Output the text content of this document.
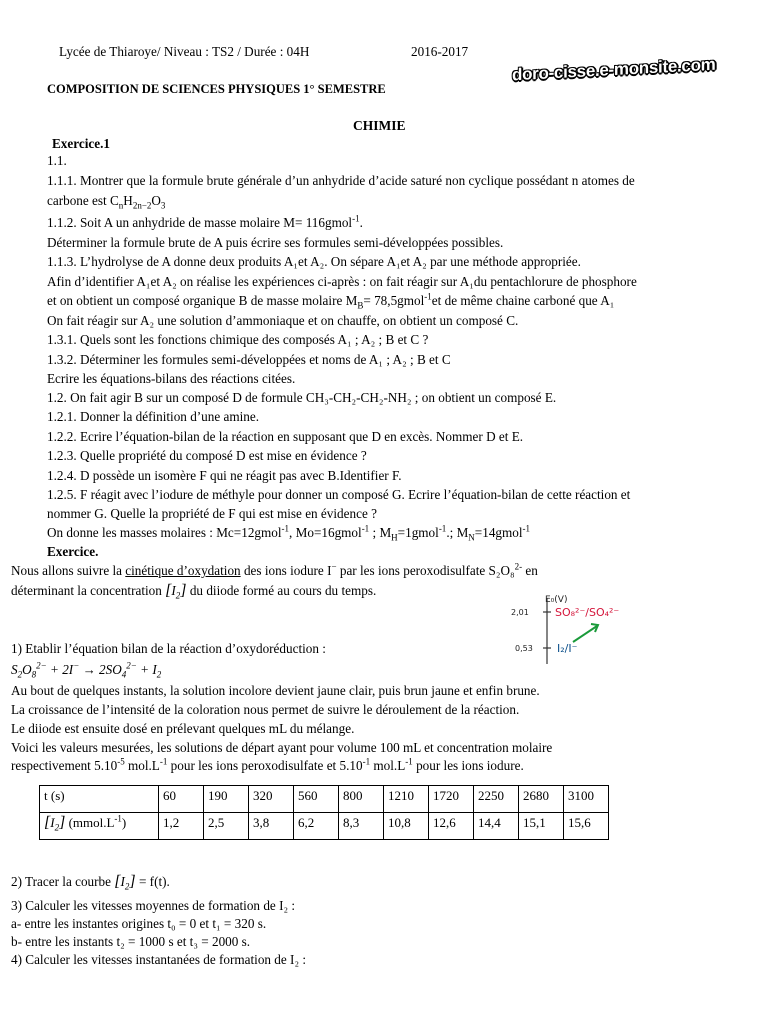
Lycée de Thiaroye/ Niveau : TS2 / Durée : 04H	2016-2017
doro-cisse.e-monsite.com
COMPOSITION DE SCIENCES PHYSIQUES 1° SEMESTRE
CHIMIE
Exercice.1
1.1.
1.1.1. Montrer que la formule brute générale d’un anhydride d’acide saturé non cyclique possédant n atomes de
carbone est $C_nH_{2n-2}O_3$
1.1.2. Soit A un anhydride de masse molaire M= 116gmol$^{-1}$.
Déterminer la formule brute de A puis écrire ses formules semi-développées possibles.
1.1.3. L’hydrolyse de A donne deux produits A₁et A₂. On sépare A₁et A₂ par une méthode appropriée.
Afin d’identifier A₁et A₂ on réalise les expériences ci-après : on fait réagir sur A₁du pentachlorure de phosphore
et on obtient un composé organique B de masse molaire $M_B=$ 78,5gmol$^{-1}$et de même chaine carboné que A₁
On fait réagir sur A₂ une solution d’ammoniaque et on chauffe, on obtient un composé C.
1.3.1. Quels sont les fonctions chimique des composés A₁ ; A₂ ; B et C ?
1.3.2. Déterminer les formules semi-développées et noms de A₁ ; A₂ ; B et C
Ecrire les équations-bilans des réactions citées.
1.2. On fait agir B sur un composé D de formule CH₃-CH₂-CH₂-NH₂ ; on obtient un composé E.
1.2.1. Donner la définition d’une amine.
1.2.2. Ecrire l’équation-bilan de la réaction en supposant que D en excès. Nommer D et E.
1.2.3. Quelle propriété du composé D est mise en évidence ?
1.2.4. D possède un isomère F qui ne réagit pas avec B.Identifier F.
1.2.5. F réagit avec l’iodure de méthyle pour donner un composé G. Ecrire l’équation-bilan de cette réaction et
nommer G. Quelle la propriété de F qui est mise en évidence ?
On donne les masses molaires : Mc=12gmol$^{-1}$, Mo=16gmol$^{-1}$ ; $M_H=1gmol^{-1}$.; $M_N=14gmol^{-1}$
Exercice.
Nous allons suivre la cinétique d’oxydation des ions iodure I− par les ions peroxodisulfate S₂O₈$^{2-}$ en
déterminant la concentration $[I_2]$ du diiode formé au cours du temps.
E₀(V)
2,01
0,53
SO₈²⁻/SO₄²⁻
I₂/I⁻
1) Etablir l’équation bilan de la réaction d’oxydoréduction :
$S_2O_8^{2-} + 2I^- \to 2SO_4^{2-} + I_2$
Au bout de quelques instants, la solution incolore devient jaune clair, puis brun jaune et enfin brune.
La croissance de l’intensité de la coloration nous permet de suivre le déroulement de la réaction.
Le diiode est ensuite dosé en prélevant quelques mL du mélange.
Voici les valeurs mesurées, les solutions de départ ayant pour volume 100 mL et concentration molaire
respectivement $5.10^{-5}$ $mol.L^{-1}$ pour les ions peroxodisulfate et $5.10^{-1}$ $mol.L^{-1}$ pour les ions iodure.
t (s)	60	190	320	560	800	1210	1720	2250	2680	3100
$[I_2]$ $(mmol.L^{-1})$	1,2	2,5	3,8	6,2	8,3	10,8	12,6	14,4	15,1	15,6
2) Tracer la courbe $[I_2] = f(t)$.
3) Calculer les vitesses moyennes de formation de I₂ :
a- entre les instantes origines t₀ = 0 et t₁ = 320 s.
b- entre les instants t₂ = 1000 s et t₃ = 2000 s.
4) Calculer les vitesses instantanées de formation de I₂ :
